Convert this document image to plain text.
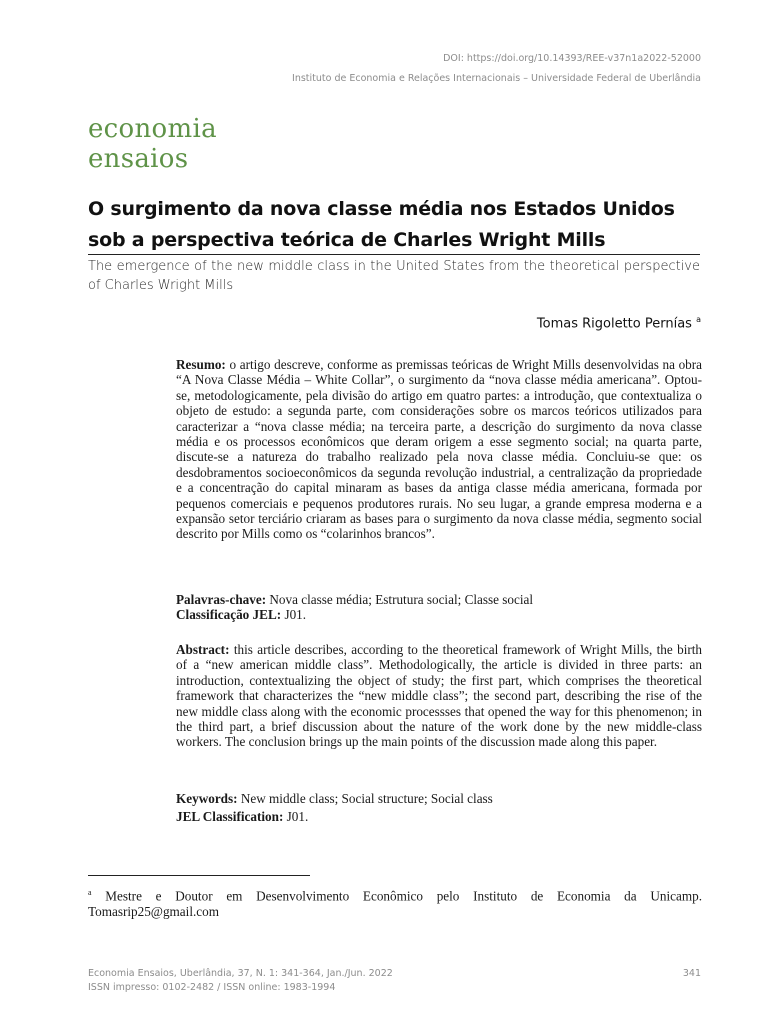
DOI: https://doi.org/10.14393/REE-v37n1a2022-52000
Instituto de Economia e Relações Internacionais – Universidade Federal de Uberlândia
economia
ensaios
O surgimento da nova classe média nos Estados Unidos
sob a perspectiva teórica de Charles Wright Mills
The emergence of the new middle class in the United States from the theoretical perspective of Charles Wright Mills
Tomas Rigoletto Pernías $^a$
Resumo: o artigo descreve, conforme as premissas teóricas de Wright Mills desenvolvidas na obra “A Nova Classe Média – White Collar”, o surgimento da “nova classe média americana”. Optou-se, metodologicamente, pela divisão do artigo em quatro partes: a introdução, que contextualiza o objeto de estudo: a segunda parte, com considerações sobre os marcos teóricos utilizados para caracterizar a “nova classe média; na terceira parte, a descrição do surgimento da nova classe média e os processos econômicos que deram origem a esse segmento social; na quarta parte, discute-se a natureza do trabalho realizado pela nova classe média. Concluiu-se que: os desdobramentos socioeconômicos da segunda revolução industrial, a centralização da propriedade e a concentração do capital minaram as bases da antiga classe média americana, formada por pequenos comerciais e pequenos produtores rurais. No seu lugar, a grande empresa moderna e a expansão setor terciário criaram as bases para o surgimento da nova classe média, segmento social descrito por Mills como os “colarinhos brancos”.
Palavras-chave: Nova classe média; Estrutura social; Classe social
Classificação JEL: J01.
Abstract: this article describes, according to the theoretical framework of Wright Mills, the birth of a “new american middle class”. Methodologically, the article is divided in three parts: an introduction, contextualizing the object of study; the first part, which comprises the theoretical framework that characterizes the “new middle class”; the second part, describing the rise of the new middle class along with the economic processses that opened the way for this phenomenon; in the third part, a brief discussion about the nature of the work done by the new middle-class workers. The conclusion brings up the main points of the discussion made along this paper.
Keywords: New middle class; Social structure; Social class
JEL Classification: J01.
$^a$ Mestre e Doutor em Desenvolvimento Econômico pelo Instituto de Economia da Unicamp. Tomasrip25@gmail.com
Economia Ensaios, Uberlândia, 37, N. 1: 341-364, Jan./Jun. 2022
ISSN impresso: 0102-2482 / ISSN online: 1983-1994
341
